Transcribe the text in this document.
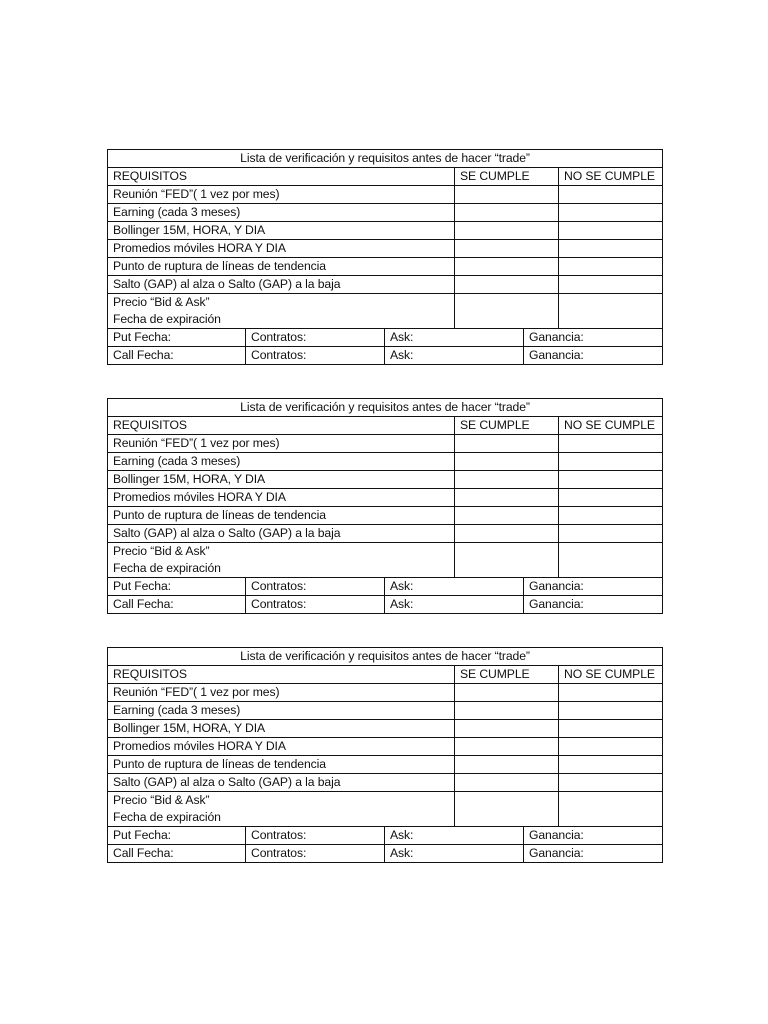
Lista de verificación y requisitos antes de hacer “trade”					
REQUISITOS			SE CUMPLE		NO SE CUMPLE
Reunión “FED”( 1 vez por mes)					
Earning (cada 3 meses)					
Bollinger 15M, HORA, Y DIA					
Promedios móviles HORA Y DIA					
Punto de ruptura de líneas de tendencia					
Salto (GAP) al alza o Salto (GAP) a la baja					

Precio “Bid & Ask”
Fecha de expiración					

Put Fecha:	Contratos:	Ask:		Ganancia:	
Call Fecha:	Contratos:	Ask:		Ganancia:	
Lista de verificación y requisitos antes de hacer “trade”					
REQUISITOS			SE CUMPLE		NO SE CUMPLE
Reunión “FED”( 1 vez por mes)					
Earning (cada 3 meses)					
Bollinger 15M, HORA, Y DIA					
Promedios móviles HORA Y DIA					
Punto de ruptura de líneas de tendencia					
Salto (GAP) al alza o Salto (GAP) a la baja					

Precio “Bid & Ask”
Fecha de expiración					

Put Fecha:	Contratos:	Ask:		Ganancia:	
Call Fecha:	Contratos:	Ask:		Ganancia:	
Lista de verificación y requisitos antes de hacer “trade”					
REQUISITOS			SE CUMPLE		NO SE CUMPLE
Reunión “FED”( 1 vez por mes)					
Earning (cada 3 meses)					
Bollinger 15M, HORA, Y DIA					
Promedios móviles HORA Y DIA					
Punto de ruptura de líneas de tendencia					
Salto (GAP) al alza o Salto (GAP) a la baja					

Precio “Bid & Ask”
Fecha de expiración					

Put Fecha:	Contratos:	Ask:		Ganancia:	
Call Fecha:	Contratos:	Ask:		Ganancia:	
